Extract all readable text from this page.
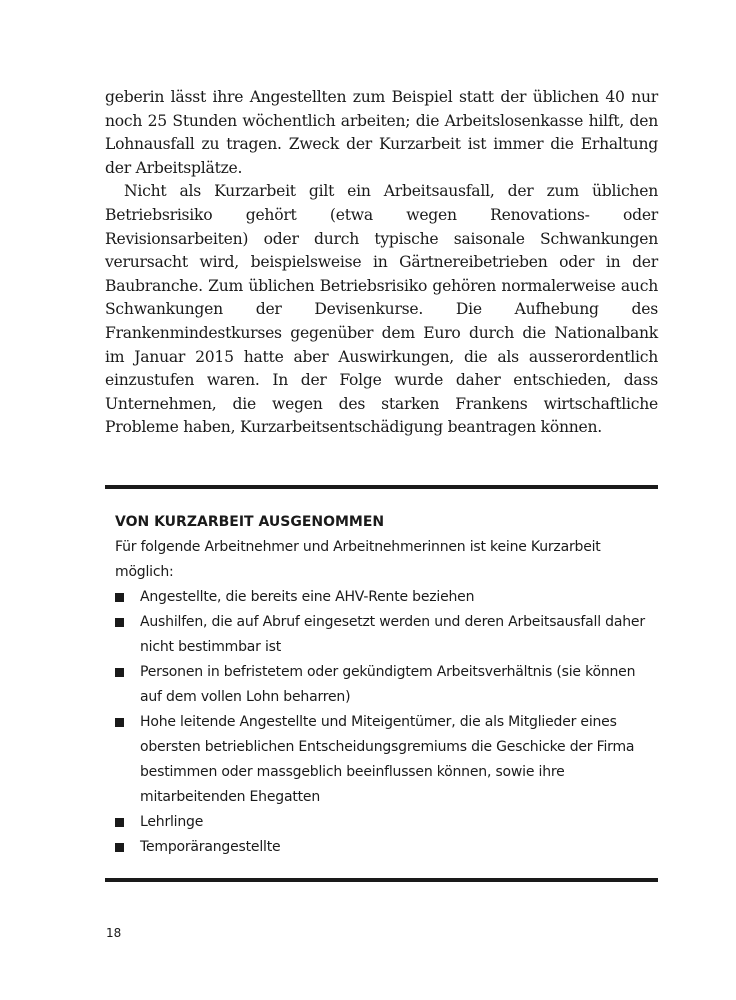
geberin lässt ihre Angestellten zum Beispiel statt der üblichen 40 nur noch 25 Stunden wöchentlich arbeiten; die Arbeitslosenkasse hilft, den Lohnausfall zu tragen. Zweck der Kurzarbeit ist immer die Erhaltung der Arbeitsplätze.

Nicht als Kurzarbeit gilt ein Arbeitsausfall, der zum üblichen Betriebsrisiko gehört (etwa wegen Renovations- oder Revisionsarbeiten) oder durch typische saisonale Schwankungen verursacht wird, beispielsweise in Gärtnereibetrieben oder in der Baubranche. Zum üblichen Betriebsrisiko gehören normalerweise auch Schwankungen der Devisenkurse. Die Aufhebung des Frankenmindestkurses gegenüber dem Euro durch die Nationalbank im Januar 2015 hatte aber Auswirkungen, die als ausserordentlich einzustufen waren. In der Folge wurde daher entschieden, dass Unternehmen, die wegen des starken Frankens wirtschaftliche Probleme haben, Kurzarbeitsentschädigung beantragen können.

VON KURZARBEIT AUSGENOMMEN

Für folgende Arbeitnehmer und Arbeitnehmerinnen ist keine Kurzarbeit möglich:

Angestellte, die bereits eine AHV-Rente beziehen
Aushilfen, die auf Abruf eingesetzt werden und deren Arbeitsausfall daher nicht bestimmbar ist
Personen in befristetem oder gekündigtem Arbeitsverhältnis (sie können auf dem vollen Lohn beharren)
Hohe leitende Angestellte und Miteigentümer, die als Mitglieder eines obersten betrieblichen Entscheidungsgremiums die Geschicke der Firma bestimmen oder massgeblich beeinflussen können, sowie ihre mitarbeitenden Ehegatten
Lehrlinge
Temporärangestellte
18
